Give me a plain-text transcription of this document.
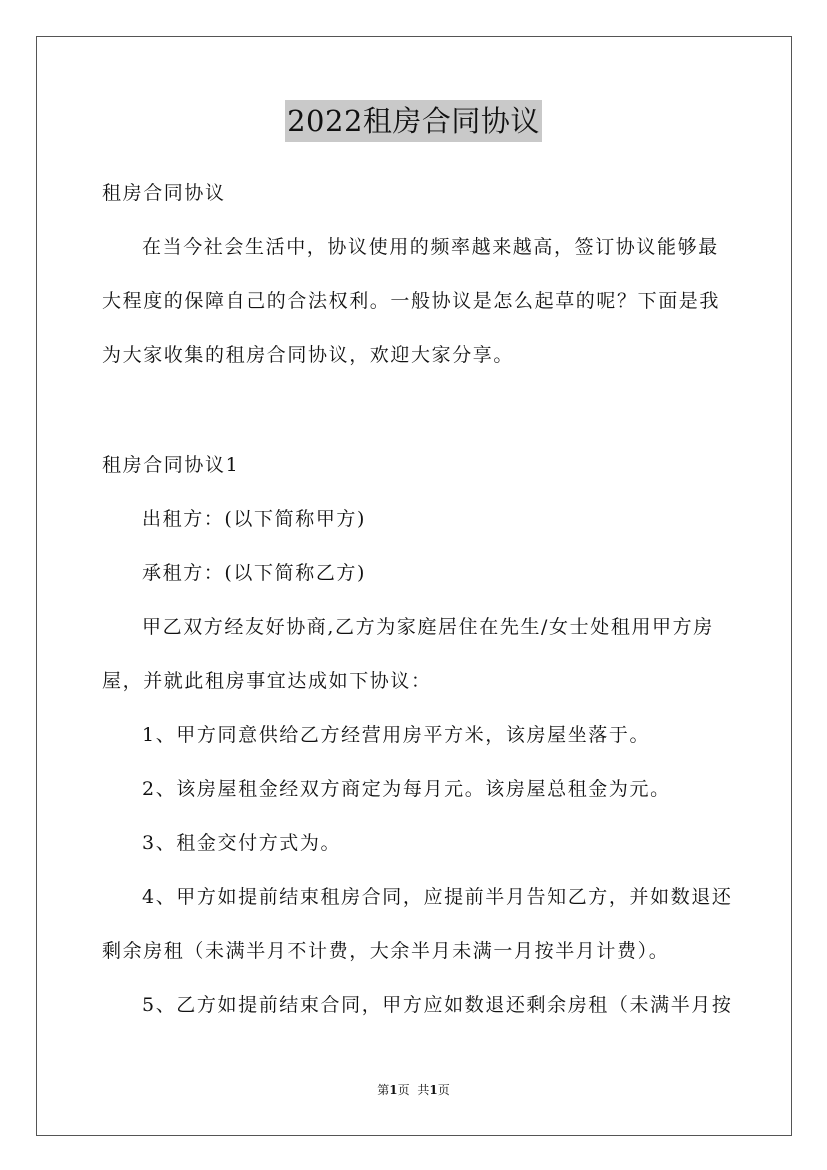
2022租房合同协议
租房合同协议
在当今社会生活中，协议使用的频率越来越高，签订协议能够最
大程度的保障自己的合法权利。一般协议是怎么起草的呢？下面是我
为大家收集的租房合同协议，欢迎大家分享。
租房合同协议1
出租方：(以下简称甲方)
承租方：(以下简称乙方)
甲乙双方经友好协商,乙方为家庭居住在先生/女士处租用甲方房
屋，并就此租房事宜达成如下协议：
1、甲方同意供给乙方经营用房平方米，该房屋坐落于。
2、该房屋租金经双方商定为每月元。该房屋总租金为元。
3、租金交付方式为。
4、甲方如提前结束租房合同，应提前半月告知乙方，并如数退还
剩余房租（未满半月不计费，大余半月未满一月按半月计费）。
5、乙方如提前结束合同，甲方应如数退还剩余房租（未满半月按
第1页 共1页
